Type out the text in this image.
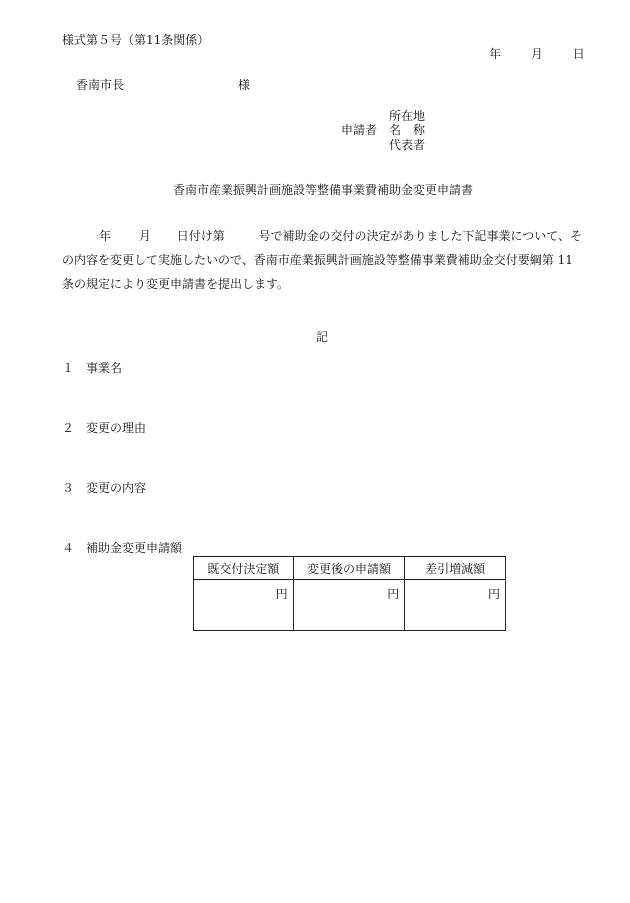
様式第５号（第11条関係）
年 月 日
香南市長	様
所在地
申請者 名　称
代表者
香南市産業振興計画施設等整備事業費補助金変更申請書
年 月 日付け第	号で補助金の交付の決定がありました下記事業について、そ
の内容を変更して実施したいので、香南市産業振興計画施設等整備事業費補助金交付要綱第 11
条の規定により変更申請書を提出します。
記
１ 事業名
２ 変更の理由
３ 変更の内容
４ 補助金変更申請額
既交付決定額	変更後の申請額	差引増減額
円	円	円
